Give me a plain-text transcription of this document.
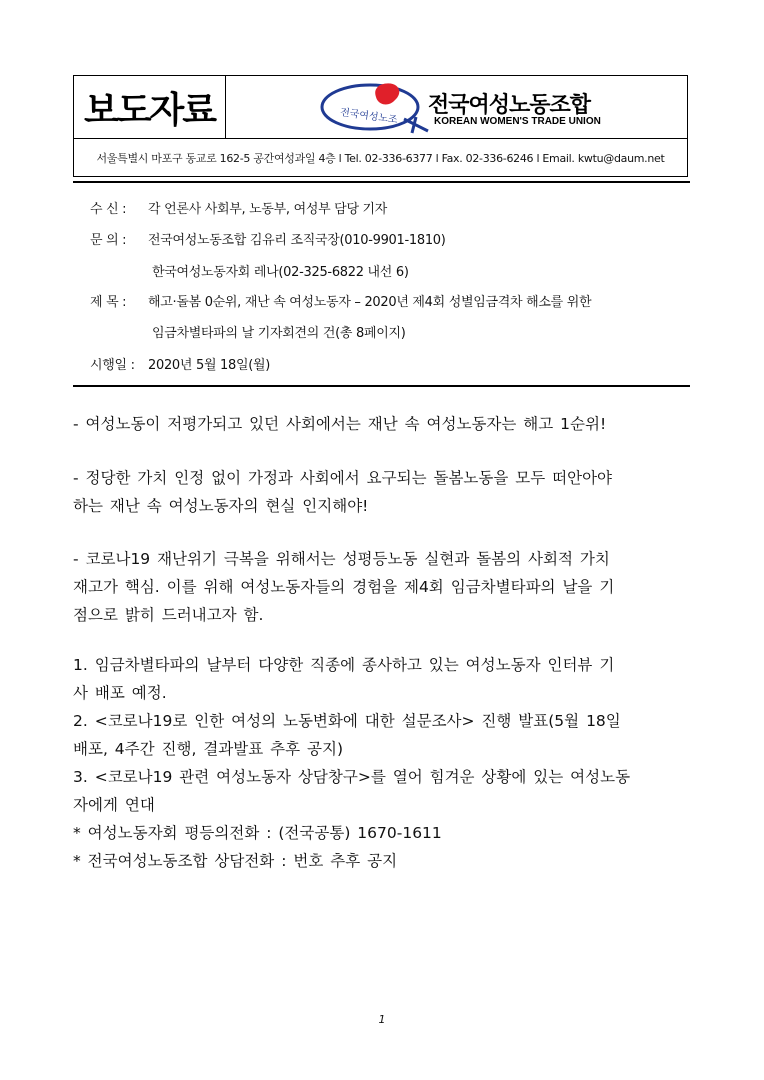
보도자료	전국여성노조 전국여성노동조합
KOREAN WOMEN'S TRADE UNION
서울특별시 마포구 동교로 162-5 공간여성과일 4층 l Tel. 02-336-6377 l Fax. 02-336-6246 l Email. kwtu@daum.net
수 신 : 각 언론사 사회부, 노동부, 여성부 담당 기자
문 의 : 전국여성노동조합 김유리 조직국장(010-9901-1810)
한국여성노동자회 레나(02-325-6822 내선 6)
제 목 : 해고·돌봄 0순위, 재난 속 여성노동자 – 2020년 제4회 성별임금격차 해소를 위한
임금차별타파의 날 기자회견의 건(총 8페이지)
시행일 : 2020년 5월 18일(월)
- 여성노동이 저평가되고 있던 사회에서는 재난 속 여성노동자는 해고 1순위!
- 정당한 가치 인정 없이 가정과 사회에서 요구되는 돌봄노동을 모두 떠안아야
하는 재난 속 여성노동자의 현실 인지해야!
- 코로나19 재난위기 극복을 위해서는 성평등노동 실현과 돌봄의 사회적 가치
재고가 핵심. 이를 위해 여성노동자들의 경험을 제4회 임금차별타파의 날을 기
점으로 밝히 드러내고자 함.
1. 임금차별타파의 날부터 다양한 직종에 종사하고 있는 여성노동자 인터뷰 기
사 배포 예정.
2. <코로나19로 인한 여성의 노동변화에 대한 설문조사> 진행 발표(5월 18일
배포, 4주간 진행, 결과발표 추후 공지)
3. <코로나19 관련 여성노동자 상담창구>를 열어 힘겨운 상황에 있는 여성노동
자에게 연대
* 여성노동자회 평등의전화 : (전국공통) 1670-1611
* 전국여성노동조합 상담전화 : 번호 추후 공지
1
